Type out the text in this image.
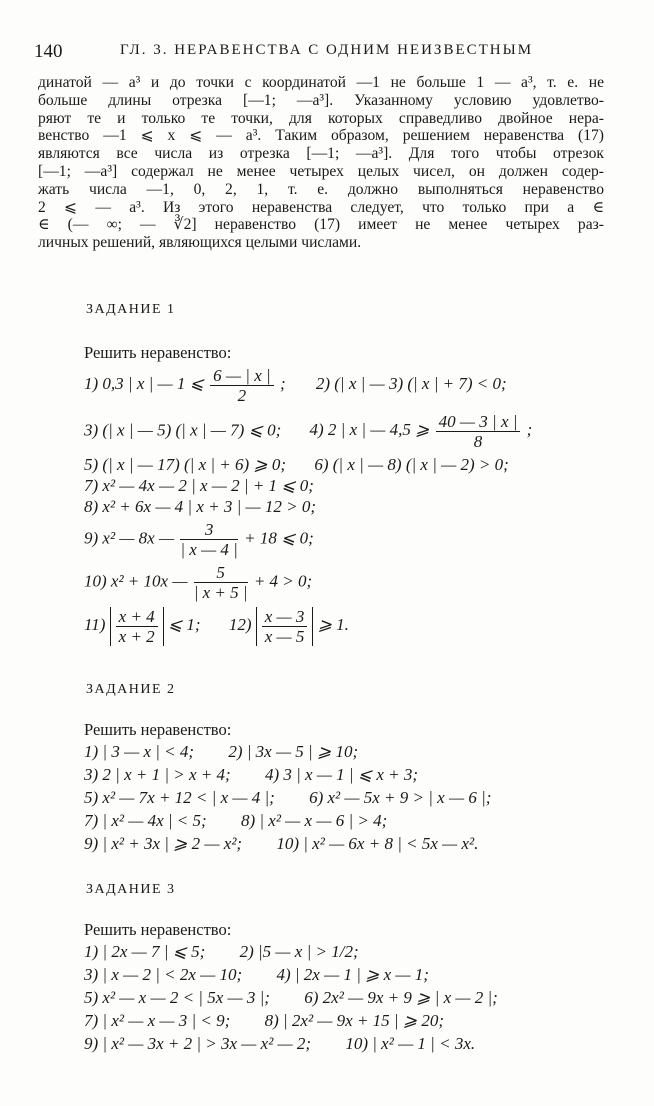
140	ГЛ. 3. НЕРАВЕНСТВА С ОДНИМ НЕИЗВЕСТНЫМ
динатой — a³ и до точки с координатой —1 не больше 1 — a³, т. е. не
больше длины отрезка [—1; —a³]. Указанному условию удовлетво-
ряют те и только те точки, для которых справедливо двойное нера-
венство —1 ⩽ x ⩽ — a³. Таким образом, решением неравенства (17)
являются все числа из отрезка [—1; —a³]. Для того чтобы отрезок
[—1; —a³] содержал не менее четырех целых чисел, он должен содер-
жать числа —1, 0, 2, 1, т. е. должно выполняться неравенство
2 ⩽ — a³. Из этого неравенства следует, что только при a ∈
∈ (— ∞; — ∛2] неравенство (17) имеет не менее четырех раз-
личных решений, являющихся целыми числами.
ЗАДАНИЕ 1
Решить неравенство:
1) 0,3 | x | — 1 ⩽ $\frac{6 — | x |}{2}$ ; 2) (| x | — 3) (| x | + 7) < 0;
3) (| x | — 5) (| x | — 7) ⩽ 0; 4) 2 | x | — 4,5 ⩾ $\frac{40 — 3 | x |}{8}$ ;
5) (| x | — 17) (| x | + 6) ⩾ 0; 6) (| x | — 8) (| x | — 2) > 0;
7) x² — 4x — 2 | x — 2 | + 1 ⩽ 0;
8) x² + 6x — 4 | x + 3 | — 12 > 0;
9) x² — 8x — $\frac{3}{| x — 4 |} + 18$ ⩽ 0;
10) x² + 10x — $\frac{5}{| x + 5 |} + 4 > 0$;
$11) \frac{x + 4}{x + 2}$ ⩽ 1; $12) \frac{x — 3}{x — 5}$ ⩾ 1.
ЗАДАНИЕ 2
Решить неравенство:
1) | 3 — x | < 4; 2) | 3x — 5 | ⩾ 10;
3) 2 | x + 1 | > x + 4; 4) 3 | x — 1 | ⩽ x + 3;
5) x² — 7x + 12 < | x — 4 |; 6) x² — 5x + 9 > | x — 6 |;
7) | x² — 4x | < 5; 8) | x² — x — 6 | > 4;
9) | x² + 3x | ⩾ 2 — x²; 10) | x² — 6x + 8 | < 5x — x².
ЗАДАНИЕ 3
Решить неравенство:
1) | 2x — 7 | ⩽ 5; 2) |5 — x | > 1/2;
3) | x — 2 | < 2x — 10; 4) | 2x — 1 | ⩾ x — 1;
5) x² — x — 2 < | 5x — 3 |; 6) 2x² — 9x + 9 ⩾ | x — 2 |;
7) | x² — x — 3 | < 9; 8) | 2x² — 9x + 15 | ⩾ 20;
9) | x² — 3x + 2 | > 3x — x² — 2; 10) | x² — 1 | < 3x.
